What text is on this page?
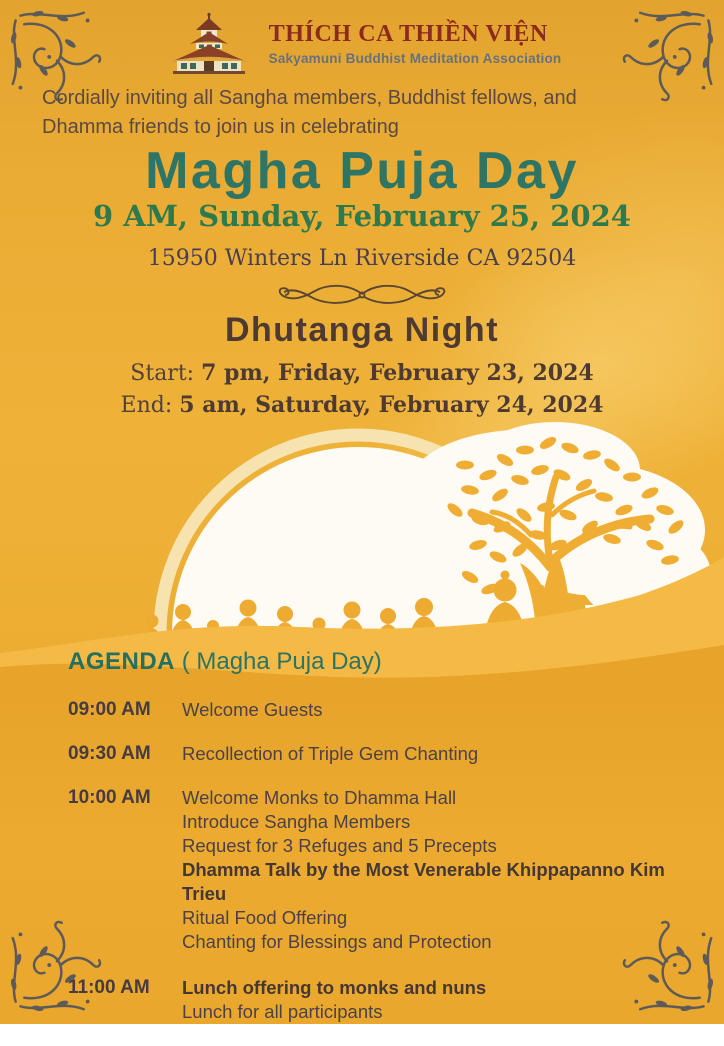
THÍCH CA THIỀN VIỆN
Sakyamuni Buddhist Meditation Association
Cordially inviting all Sangha members, Buddhist fellows, and Dhamma friends to join us in celebrating
Magha Puja Day
9 AM, Sunday, February 25, 2024
15950 Winters Ln Riverside CA 92504
Dhutanga Night
Start: 7 pm, Friday, February 23, 2024
End: 5 am, Saturday, February 24, 2024
AGENDA ( Magha Puja Day)
09:00 AM	Welcome Guests
09:30 AM	Recollection of Triple Gem Chanting
10:00 AM	Welcome Monks to Dhamma Hall
Introduce Sangha Members
Request for 3 Refuges and 5 Precepts
Dhamma Talk by the Most Venerable Khippapanno Kim Trieu
Ritual Food Offering
Chanting for Blessings and Protection
11:00 AM	Lunch offering to monks and nuns
Lunch for all participants
